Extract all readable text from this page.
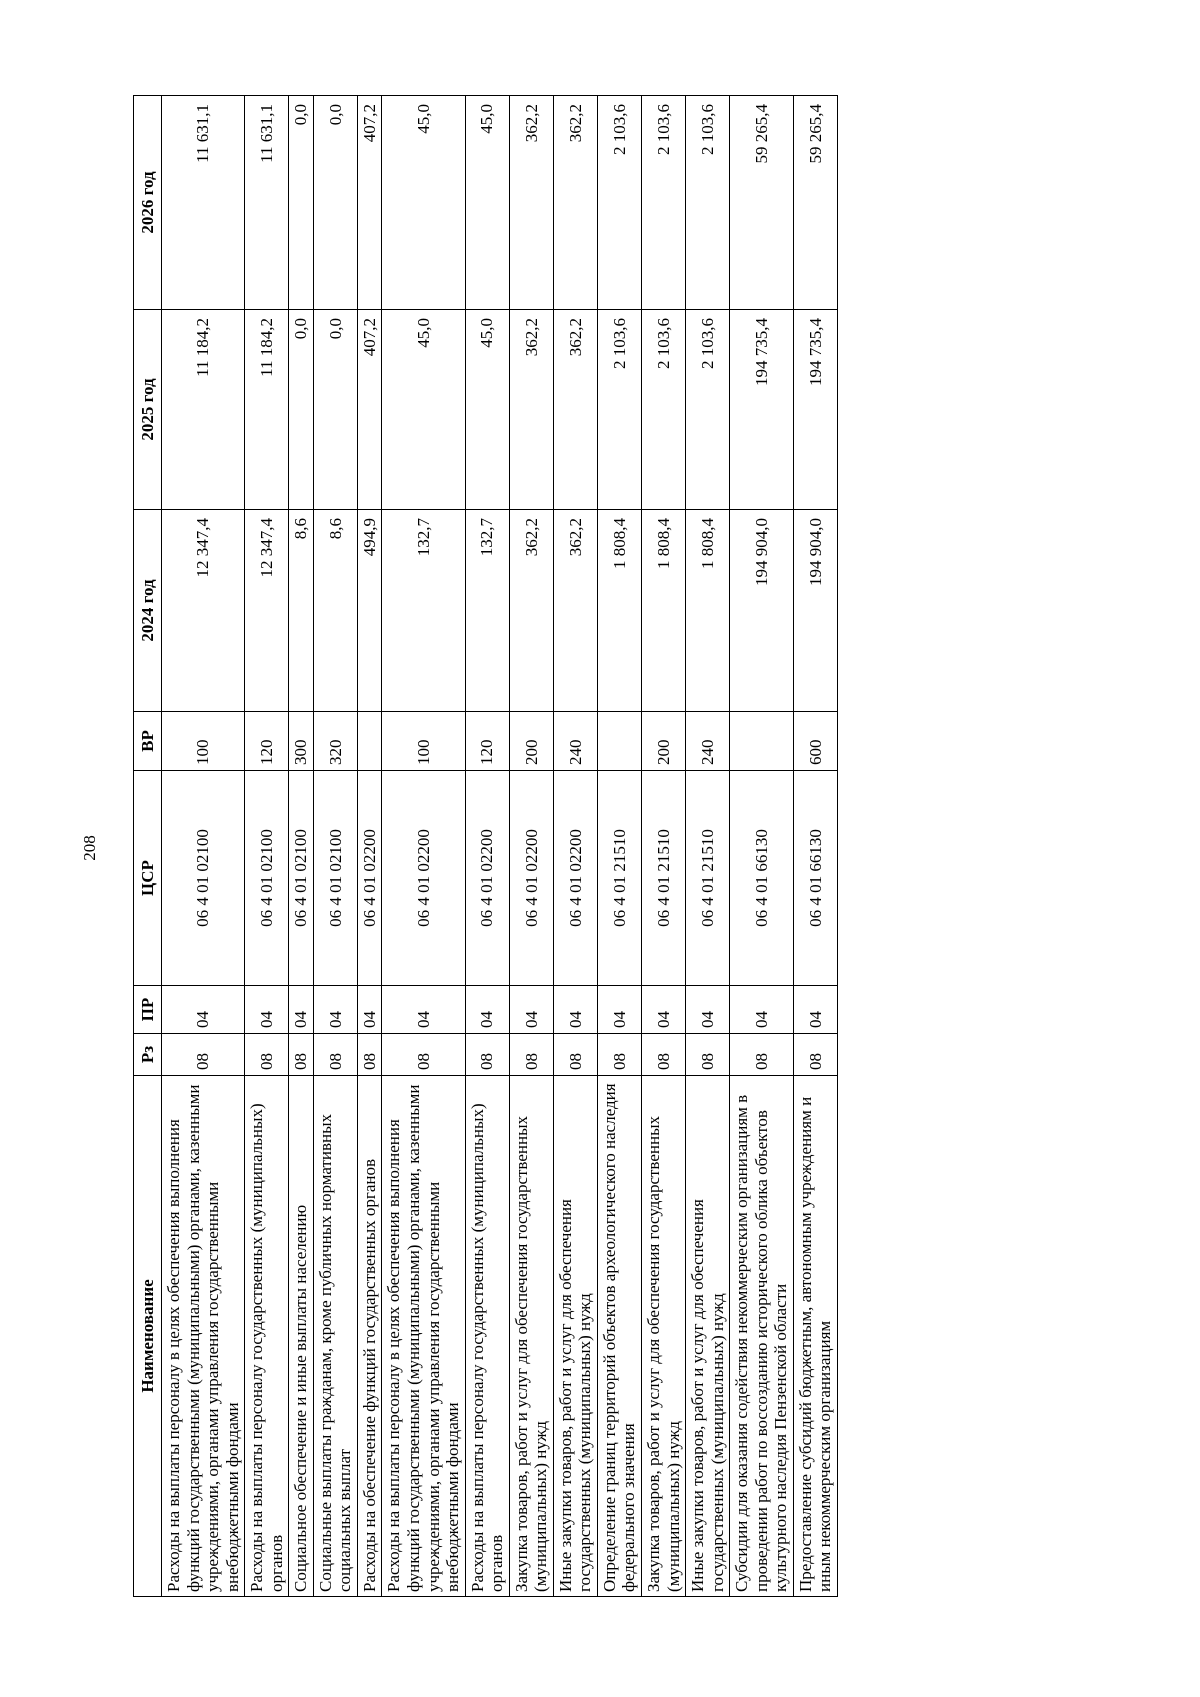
208
Наименование	Рз	ПР	ЦСР	ВР	2024 год	2025 год	2026 год
Расходы на выплаты персоналу в целях обеспечения выполнения функций государственными (муниципальными) органами, казенными учреждениями, органами управления государственными внебюджетными фондами	08	04	06 4 01 02100	100	12 347,4	11 184,2	11 631,1
Расходы на выплаты персоналу государственных (муниципальных) органов	08	04	06 4 01 02100	120	12 347,4	11 184,2	11 631,1
Социальное обеспечение и иные выплаты населению	08	04	06 4 01 02100	300	8,6	0,0	0,0
Социальные выплаты гражданам, кроме публичных нормативных социальных выплат	08	04	06 4 01 02100	320	8,6	0,0	0,0
Расходы на обеспечение функций государственных органов	08	04	06 4 01 02200		494,9	407,2	407,2
Расходы на выплаты персоналу в целях обеспечения выполнения функций государственными (муниципальными) органами, казенными учреждениями, органами управления государственными внебюджетными фондами	08	04	06 4 01 02200	100	132,7	45,0	45,0
Расходы на выплаты персоналу государственных (муниципальных) органов	08	04	06 4 01 02200	120	132,7	45,0	45,0
Закупка товаров, работ и услуг для обеспечения государственных (муниципальных) нужд	08	04	06 4 01 02200	200	362,2	362,2	362,2
Иные закупки товаров, работ и услуг для обеспечения государственных (муниципальных) нужд	08	04	06 4 01 02200	240	362,2	362,2	362,2
Определение границ территорий объектов археологического наследия федерального значения	08	04	06 4 01 21510		1 808,4	2 103,6	2 103,6
Закупка товаров, работ и услуг для обеспечения государственных (муниципальных) нужд	08	04	06 4 01 21510	200	1 808,4	2 103,6	2 103,6
Иные закупки товаров, работ и услуг для обеспечения государственных (муниципальных) нужд	08	04	06 4 01 21510	240	1 808,4	2 103,6	2 103,6
Субсидии для оказания содействия некоммерческим организациям в проведении работ по воссозданию исторического облика объектов культурного наследия Пензенской области	08	04	06 4 01 66130		194 904,0	194 735,4	59 265,4
Предоставление субсидий бюджетным, автономным учреждениям и иным некоммерческим организациям	08	04	06 4 01 66130	600	194 904,0	194 735,4	59 265,4
